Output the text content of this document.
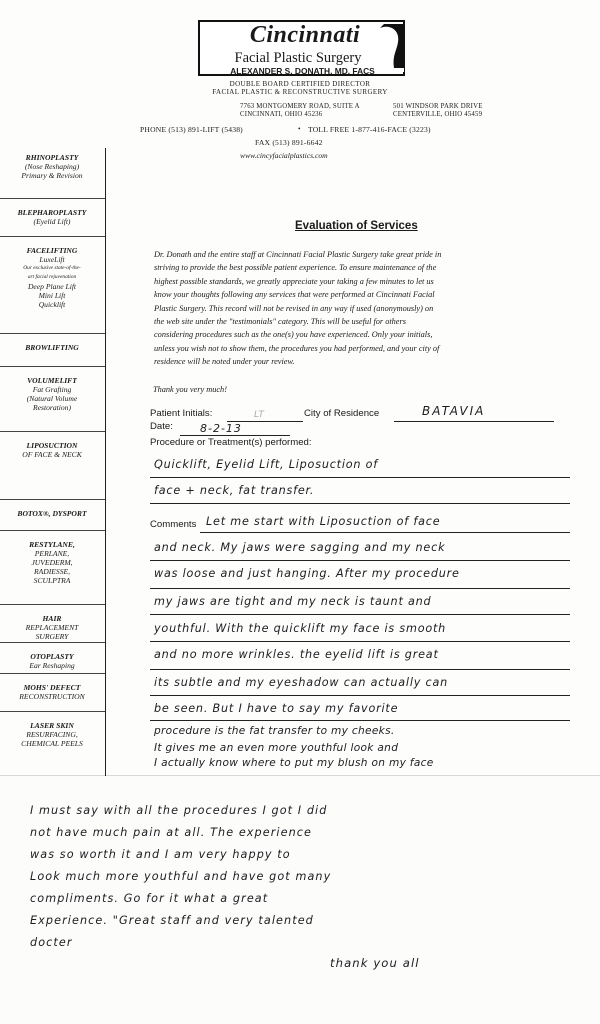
Cincinnati
Facial Plastic Surgery
ALEXANDER S. DONATH, MD, FACS
DOUBLE BOARD CERTIFIED DIRECTOR
FACIAL PLASTIC & RECONSTRUCTIVE SURGERY
7763 MONTGOMERY ROAD, SUITE A
CINCINNATI, OHIO 45236
501 WINDSOR PARK DRIVE
CENTERVILLE, OHIO 45459
PHONE (513) 891-LIFT (5438)	• TOLL FREE 1-877-416-FACE (3223)
FAX (513) 891-6642
www.cincyfacialplastics.com
RHINOPLASTY
(Nose Reshaping)
Primary & Revision
BLEPHAROPLASTY
(Eyelid Lift)
FACELIFTING
LuxeLift
Our exclusive state-of-the-
art facial rejuvenation
Deep Plane Lift
Mini Lift
Quicklift
BROWLIFTING
VOLUMELIFT
Fat Grafting
(Natural Volume
Restoration)
LIPOSUCTION
OF FACE & NECK
BOTOX®, DYSPORT
RESTYLANE,
PERLANE,
JUVEDERM,
RADIESSE,
SCULPTRA
HAIR
REPLACEMENT
SURGERY
OTOPLASTY
Ear Reshaping
MOHS' DEFECT
RECONSTRUCTION
LASER SKIN
RESURFACING,
CHEMICAL PEELS
Evaluation of Services
Dr. Donath and the entire staff at Cincinnati Facial Plastic Surgery take great pride in
striving to provide the best possible patient experience. To ensure maintenance of the
highest possible standards, we greatly appreciate your taking a few minutes to let us
know your thoughts following any services that were performed at Cincinnati Facial
Plastic Surgery. This record will not be revised in any way if used (anonymously) on
the web site under the "testimonials" category. This will be useful for others
considering procedures such as the one(s) you have experienced. Only your initials,
unless you wish not to show them, the procedures you had performed, and your city of
residence will be noted under your review.
Thank you very much!
Patient Initials:	LT	City of Residence	BATAVIA
Date: 8-2-13
Procedure or Treatment(s) performed:
Quicklift, Eyelid Lift, Liposuction of
face + neck, fat transfer.
Comments Let me start with Liposuction of face
and neck. My jaws were sagging and my neck
was loose and just hanging. After my procedure
my jaws are tight and my neck is taunt and
youthful. With the quicklift my face is smooth
and no more wrinkles. the eyelid lift is great
its subtle and my eyeshadow can actually can
be seen. But I have to say my favorite
procedure is the fat transfer to my cheeks.
It gives me an even more youthful look and
I actually know where to put my blush on my face
I must say with all the procedures I got I did
not have much pain at all. The experience
was so worth it and I am very happy to
Look much more youthful and have got many
compliments. Go for it what a great
Experience. "Great staff and very talented
docter
thank you all
